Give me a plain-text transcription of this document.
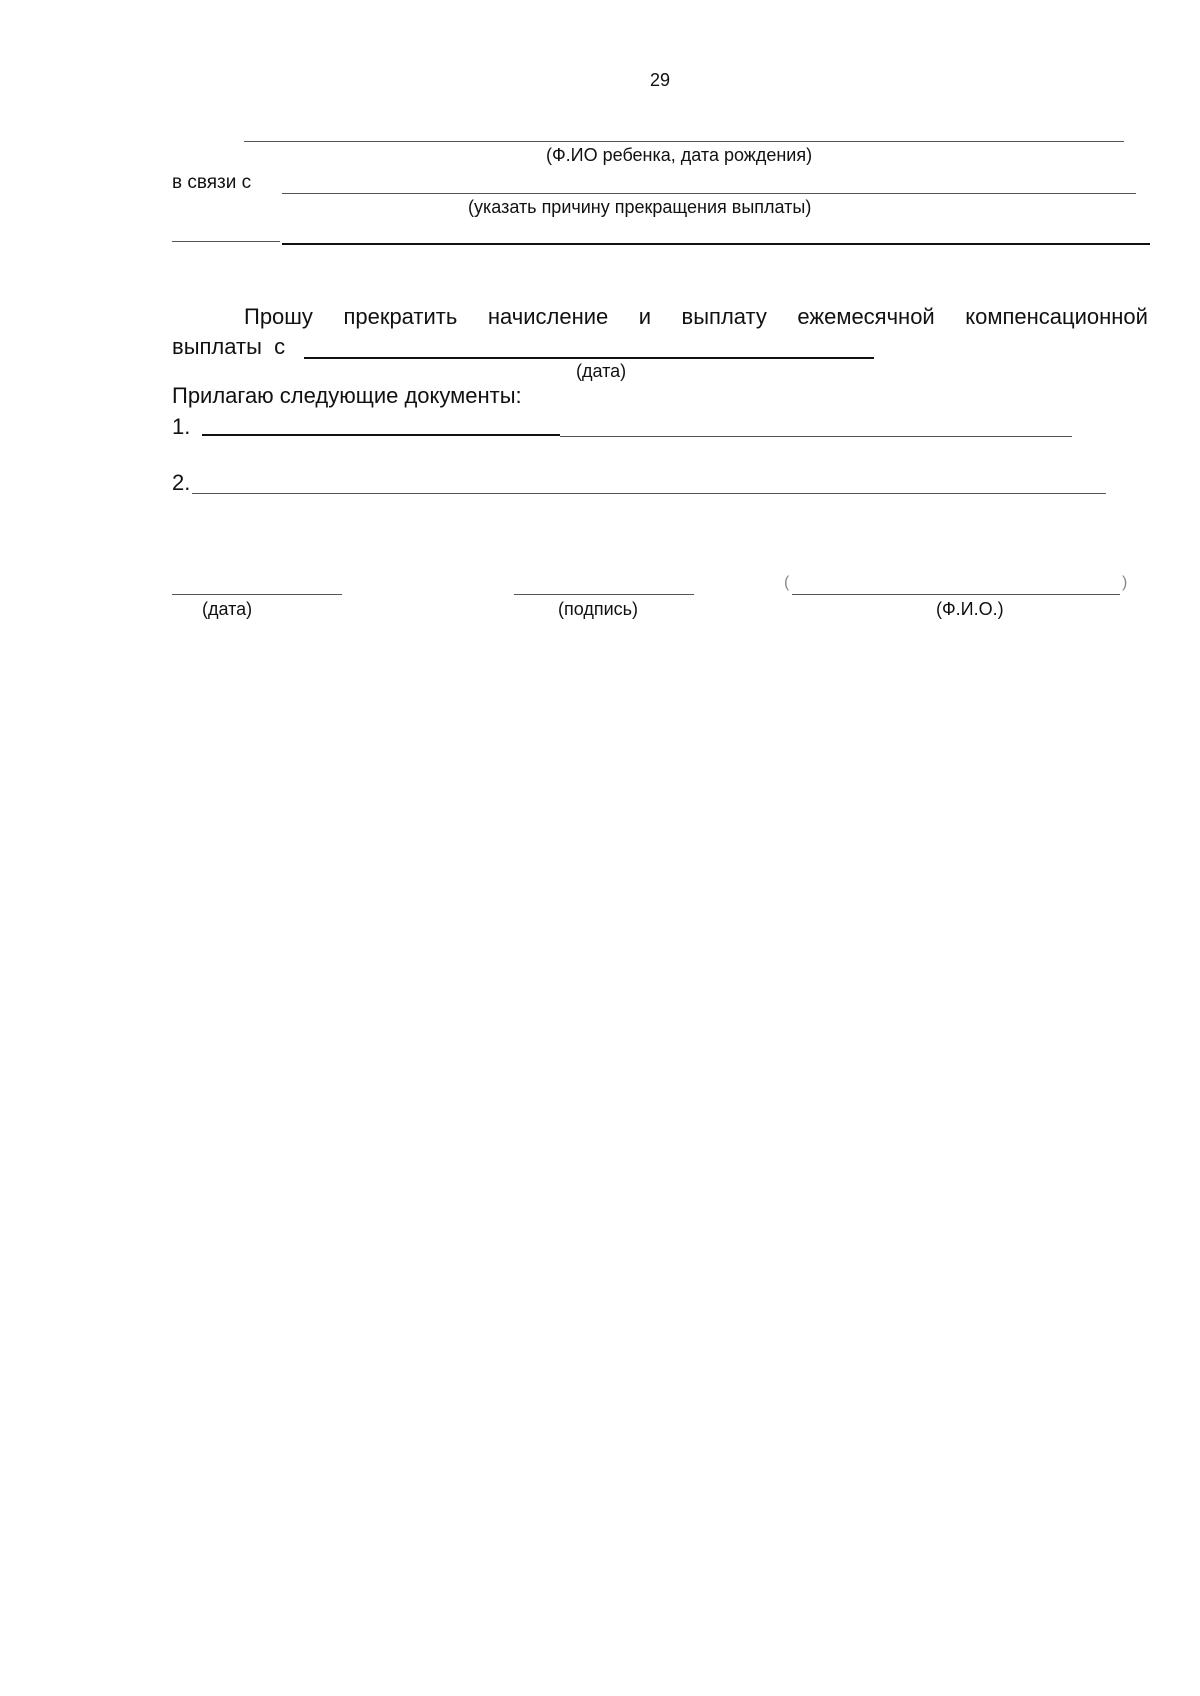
29
(Ф.ИО ребенка, дата рождения)
в связи с
(указать причину прекращения выплаты)
Прошу прекратить начисление и выплату ежемесячной компенсационной
выплаты  с
(дата)
Прилагаю следующие документы:
1.
2.
(дата)	(подпись)
(	)
(Ф.И.О.)
